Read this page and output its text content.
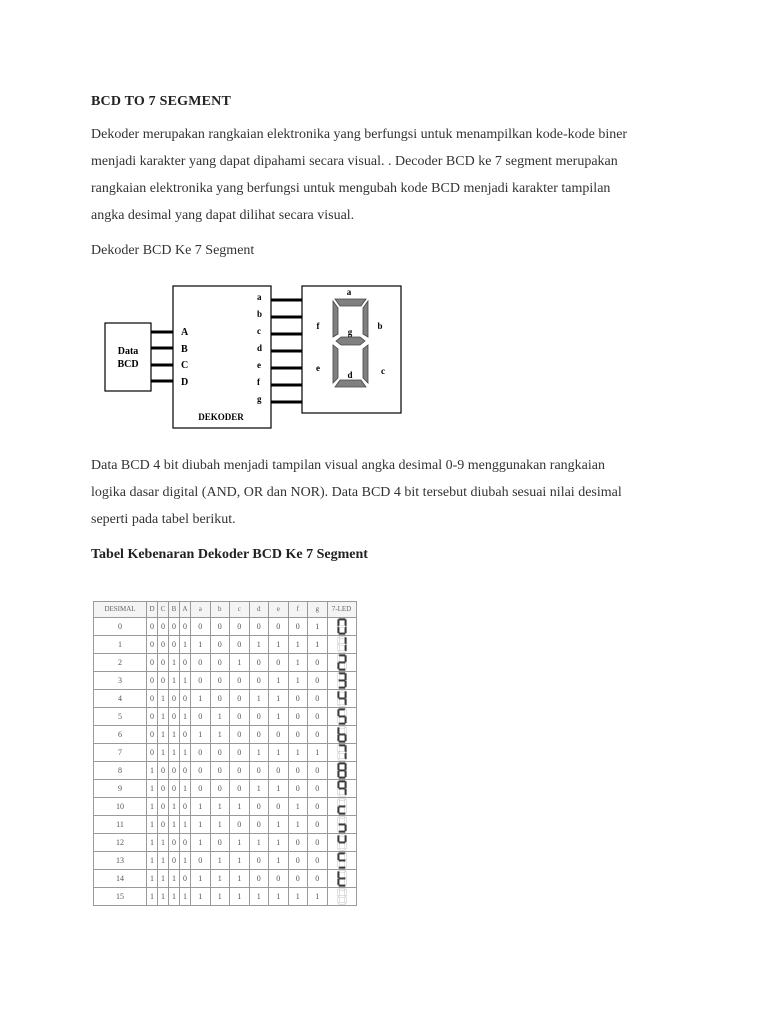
BCD TO 7 SEGMENT

Dekoder merupakan rangkaian elektronika yang berfungsi untuk menampilkan kode-kode biner

menjadi karakter yang dapat dipahami secara visual. . Decoder BCD ke 7 segment merupakan

rangkaian elektronika yang berfungsi untuk mengubah kode BCD menjadi karakter tampilan

angka desimal yang dapat dilihat secara visual.

Dekoder BCD Ke 7 Segment
Data
BCD
A
B
C
D
a
b
c
d
e
f
g
DEKODER
a
b
c
d
e
f
g

Data BCD 4 bit diubah menjadi tampilan visual angka desimal 0-9 menggunakan rangkaian

logika dasar digital (AND, OR dan NOR). Data BCD 4 bit tersebut diubah sesuai nilai desimal

seperti pada tabel berikut.

Tabel Kebenaran Dekoder BCD Ke 7 Segment
DESIMAL	D	C	B	A	a	b	c	d	e	f	g	7-LED
0	0	0	0	0	0	0	0	0	0	0	1	

1	0	0	0	1	1	0	0	1	1	1	1	

2	0	0	1	0	0	0	1	0	0	1	0	

3	0	0	1	1	0	0	0	0	1	1	0	

4	0	1	0	0	1	0	0	1	1	0	0	

5	0	1	0	1	0	1	0	0	1	0	0	

6	0	1	1	0	1	1	0	0	0	0	0	

7	0	1	1	1	0	0	0	1	1	1	1	

8	1	0	0	0	0	0	0	0	0	0	0	

9	1	0	0	1	0	0	0	1	1	0	0	

10	1	0	1	0	1	1	1	0	0	1	0	

11	1	0	1	1	1	1	0	0	1	1	0	

12	1	1	0	0	1	0	1	1	1	0	0	

13	1	1	0	1	0	1	1	0	1	0	0	

14	1	1	1	0	1	1	1	0	0	0	0	

15	1	1	1	1	1	1	1	1	1	1	1	
